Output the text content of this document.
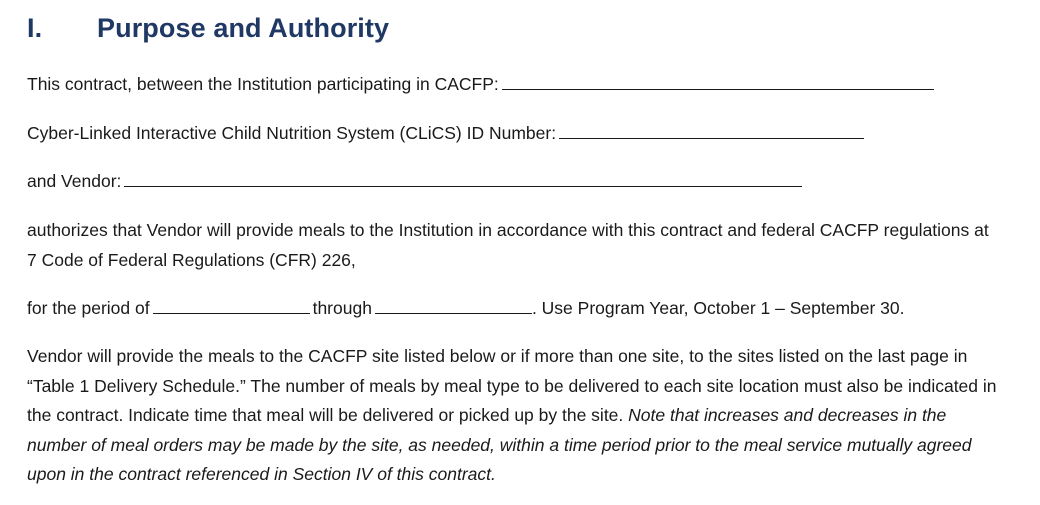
I.	Purpose and Authority
This contract, between the Institution participating in CACFP:
Cyber-Linked Interactive Child Nutrition System (CLiCS) ID Number:
and Vendor:
authorizes that Vendor will provide meals to the Institution in accordance with this contract and federal CACFP regulations at 7 Code of Federal Regulations (CFR) 226,
for the period of	through	. Use Program Year, October 1 – September 30.
Vendor will provide the meals to the CACFP site listed below or if more than one site, to the sites listed on the last page in “Table 1 Delivery Schedule.” The number of meals by meal type to be delivered to each site location must also be indicated in the contract. Indicate time that meal will be delivered or picked up by the site. Note that increases and decreases in the number of meal orders may be made by the site, as needed, within a time period prior to the meal service mutually agreed upon in the contract referenced in Section IV of this contract.
